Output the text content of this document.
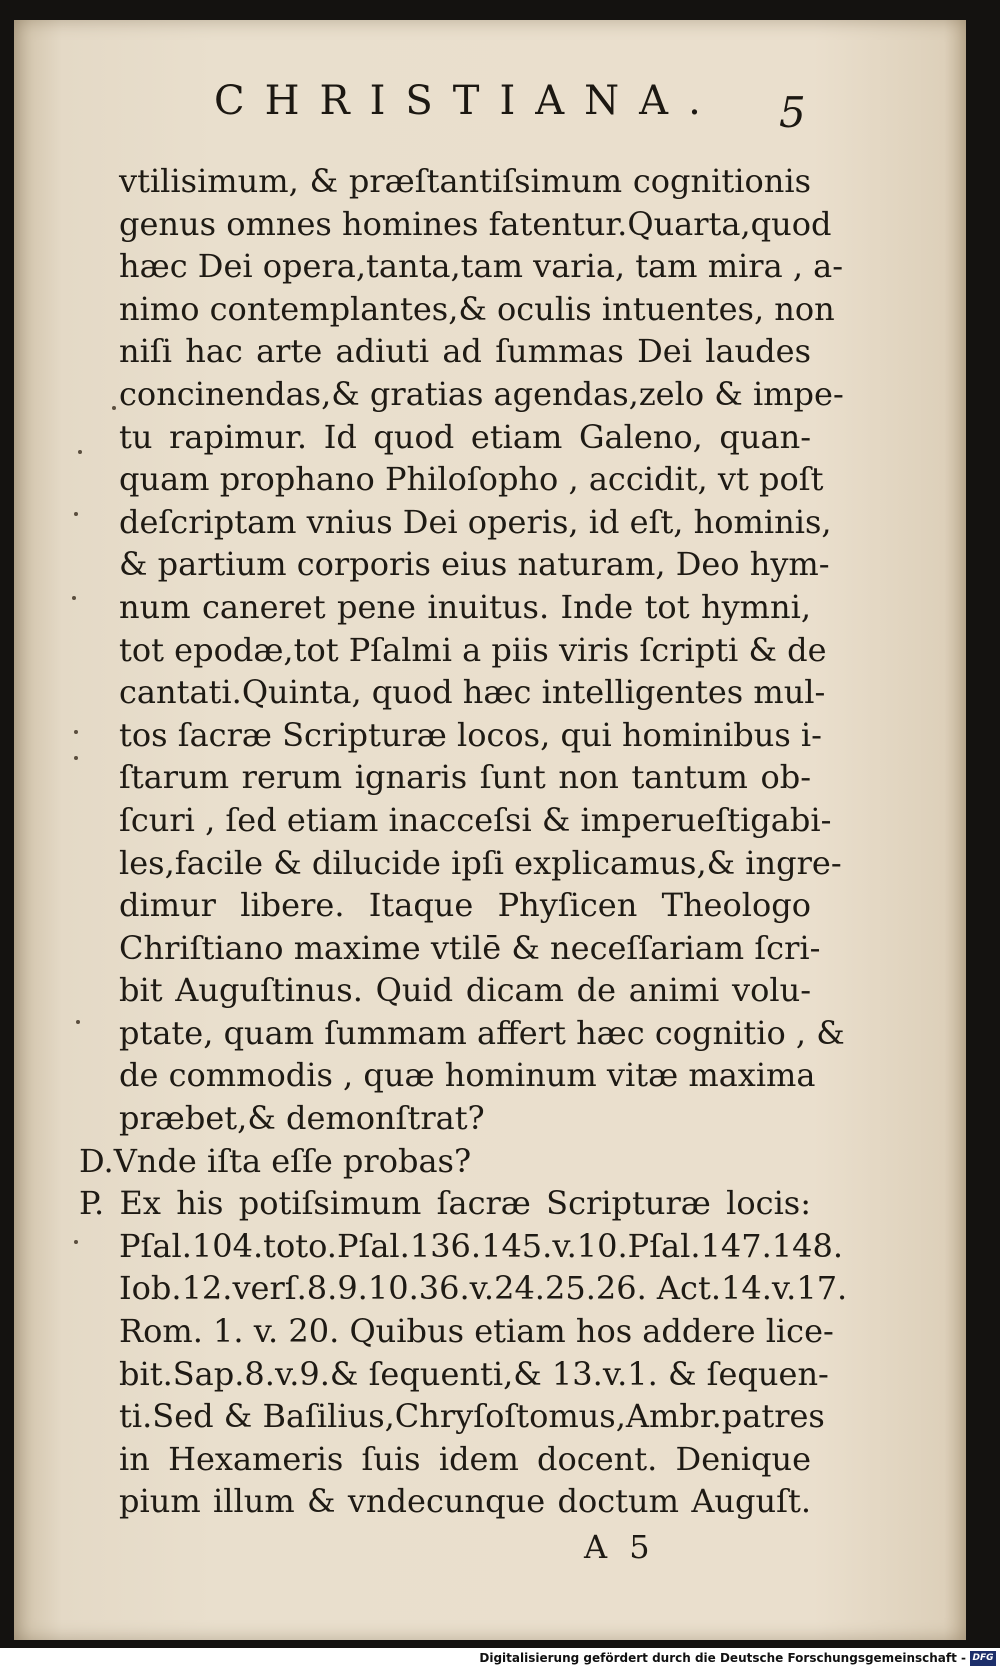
CHRISTIANA.	5
vtilisimum, & præſtantiſsimum cognitionis
genus omnes homines fatentur.Quarta,quod
hæc Dei opera,tanta,tam varia, tam mira , a-
nimo contemplantes,& oculis intuentes, non
niſi hac arte adiuti ad ſummas Dei laudes
concinendas,& gratias agendas,zelo & impe-
tu rapimur. Id quod etiam Galeno, quan-
quam prophano Philoſopho , accidit, vt poſt
deſcriptam vnius Dei operis, id eſt, hominis,
& partium corporis eius naturam, Deo hym-
num caneret pene inuitus. Inde tot hymni,
tot epodæ,tot Pſalmi a piis viris ſcripti & de
cantati.Quinta, quod hæc intelligentes mul-
tos ſacræ Scripturæ locos, qui hominibus i-
ſtarum rerum ignaris ſunt non tantum ob-
ſcuri , ſed etiam inacceſsi & imperueſtigabi-
les,facile & dilucide ipſi explicamus,& ingre-
dimur libere. Itaque Phyſicen Theologo
Chriſtiano maxime vtilē & neceſſariam ſcri-
bit Auguſtinus. Quid dicam de animi volu-
ptate, quam ſummam affert hæc cognitio , &
de commodis , quæ hominum vitæ maxima
præbet,& demonſtrat?
D.Vnde iſta eſſe probas?
P. Ex his potiſsimum ſacræ Scripturæ locis:
Pſal.104.toto.Pſal.136.145.v.10.Pſal.147.148.
Iob.12.verſ.8.9.10.36.v.24.25.26. Act.14.v.17.
Rom. 1. v. 20. Quibus etiam hos addere lice-
bit.Sap.8.v.9.& ſequenti,& 13.v.1. & ſequen-
ti.Sed & Baſilius,Chryſoſtomus,Ambr.patres
in Hexameris ſuis idem docent. Denique
pium illum & vndecunque doctum Auguſt.
A 5
Digitalisierung gefördert durch die Deutsche Forschungsgemeinschaft - DFG
